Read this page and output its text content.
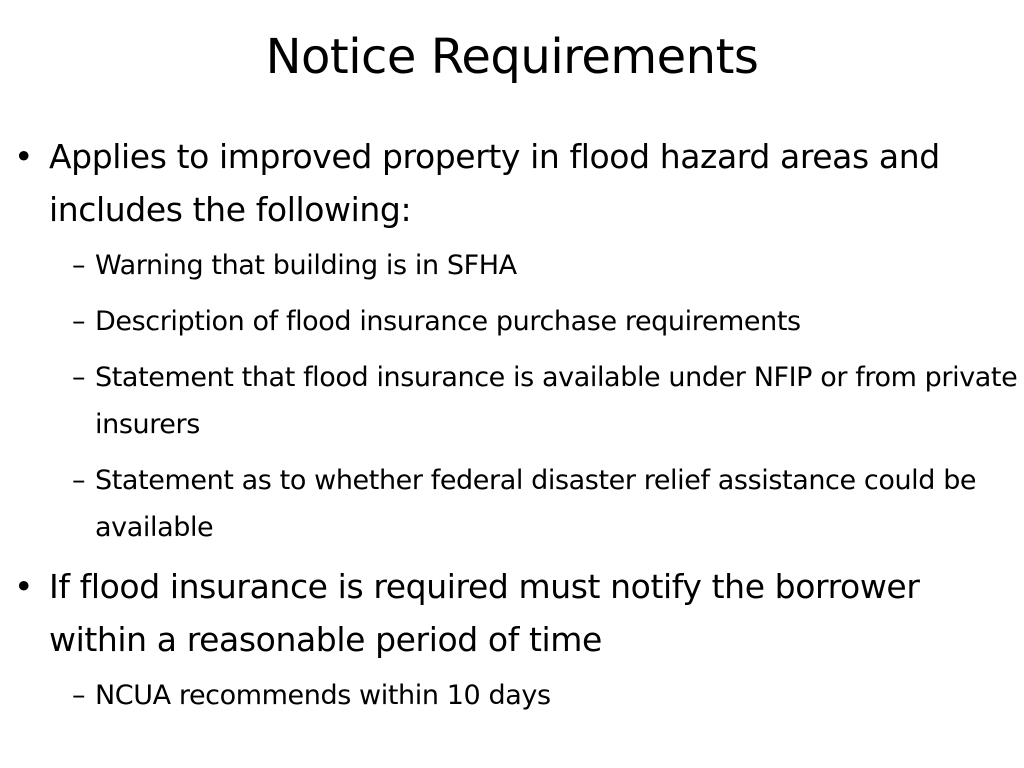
Notice Requirements

• Applies to improved property in flood hazard areas and includes the following:

– Warning that building is in SFHA

– Description of flood insurance purchase requirements

– Statement that flood insurance is available under NFIP or from private insurers

– Statement as to whether federal disaster relief assistance could be available

• If flood insurance is required must notify the borrower within a reasonable period of time

– NCUA recommends within 10 days
